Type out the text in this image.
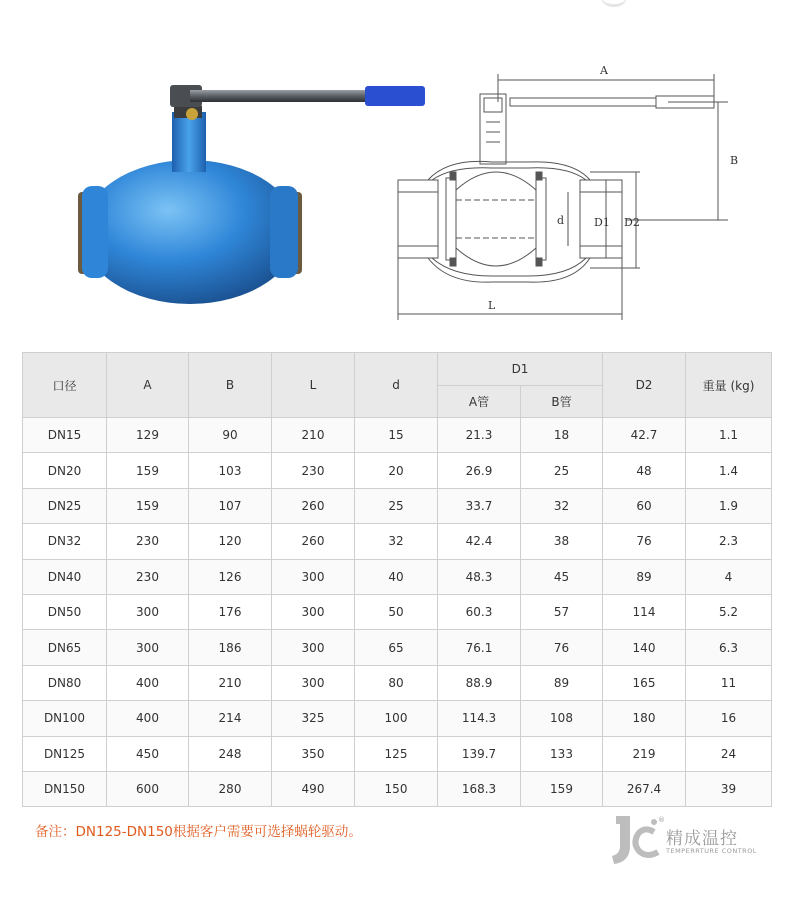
A
B
L
d	D1 D2
口径	A	B	L	d	D1		D2	重量 (kg)
					A管	B管		
DN15	129	90	210	15	21.3	18	42.7	1.1
DN20	159	103	230	20	26.9	25	48	1.4
DN25	159	107	260	25	33.7	32	60	1.9
DN32	230	120	260	32	42.4	38	76	2.3
DN40	230	126	300	40	48.3	45	89	4
DN50	300	176	300	50	60.3	57	114	5.2
DN65	300	186	300	65	76.1	76	140	6.3
DN80	400	210	300	80	88.9	89	165	11
DN100	400	214	325	100	114.3	108	180	16
DN125	450	248	350	125	139.7	133	219	24
DN150	600	280	490	150	168.3	159	267.4	39
备注：DN125-DN150根据客户需要可选择蜗轮驱动。
®
精成温控
TEMPERRTURE CONTROL
